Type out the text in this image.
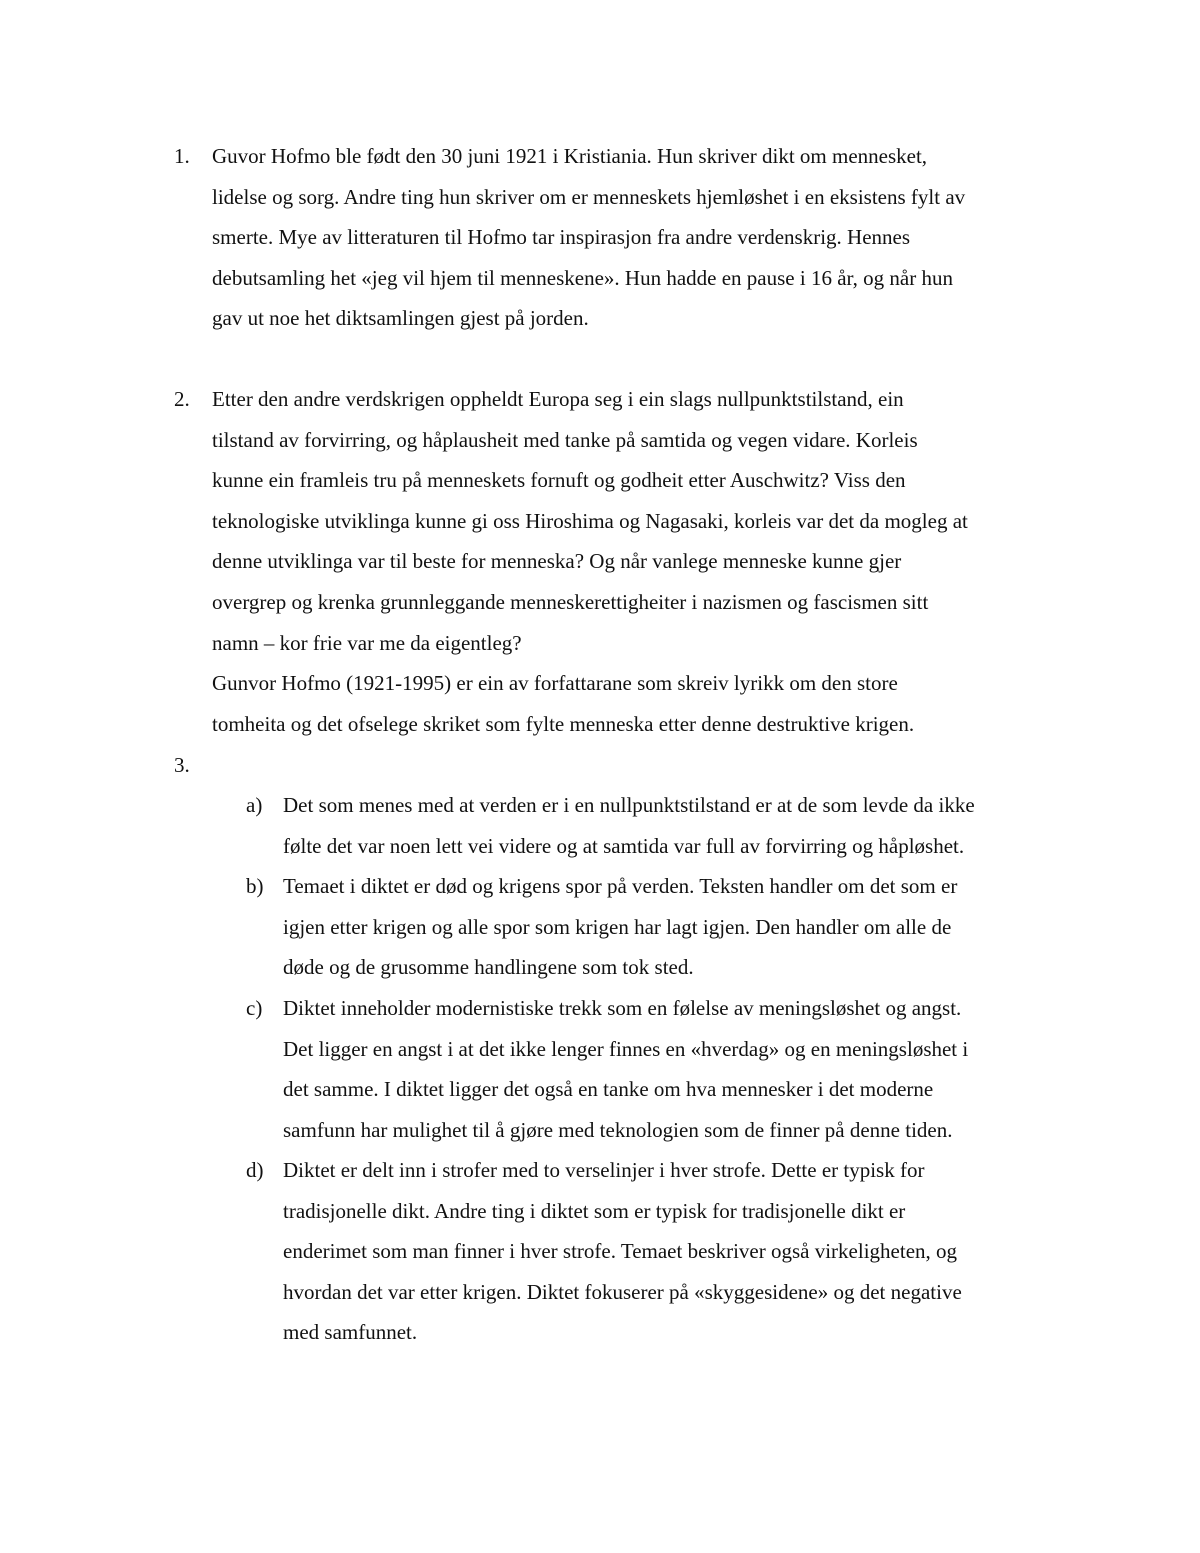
1. Guvor Hofmo ble født den 30 juni 1921 i Kristiania. Hun skriver dikt om mennesket,
lidelse og sorg. Andre ting hun skriver om er menneskets hjemløshet i en eksistens fylt av
smerte. Mye av litteraturen til Hofmo tar inspirasjon fra andre verdenskrig. Hennes
debutsamling het «jeg vil hjem til menneskene». Hun hadde en pause i 16 år, og når hun
gav ut noe het diktsamlingen gjest på jorden.
2. Etter den andre verdskrigen oppheldt Europa seg i ein slags nullpunktstilstand, ein
tilstand av forvirring, og håplausheit med tanke på samtida og vegen vidare. Korleis
kunne ein framleis tru på menneskets fornuft og godheit etter Auschwitz? Viss den
teknologiske utviklinga kunne gi oss Hiroshima og Nagasaki, korleis var det da mogleg at
denne utviklinga var til beste for menneska? Og når vanlege menneske kunne gjer
overgrep og krenka grunnleggande menneskerettigheiter i nazismen og fascismen sitt
namn – kor frie var me da eigentleg?
Gunvor Hofmo (1921-1995) er ein av forfattarane som skreiv lyrikk om den store
tomheita og det ofselege skriket som fylte menneska etter denne destruktive krigen.
3.
a) Det som menes med at verden er i en nullpunktstilstand er at de som levde da ikke
følte det var noen lett vei videre og at samtida var full av forvirring og håpløshet.
b) Temaet i diktet er død og krigens spor på verden. Teksten handler om det som er
igjen etter krigen og alle spor som krigen har lagt igjen. Den handler om alle de
døde og de grusomme handlingene som tok sted.
c) Diktet inneholder modernistiske trekk som en følelse av meningsløshet og angst.
Det ligger en angst i at det ikke lenger finnes en «hverdag» og en meningsløshet i
det samme. I diktet ligger det også en tanke om hva mennesker i det moderne
samfunn har mulighet til å gjøre med teknologien som de finner på denne tiden.
d) Diktet er delt inn i strofer med to verselinjer i hver strofe. Dette er typisk for
tradisjonelle dikt. Andre ting i diktet som er typisk for tradisjonelle dikt er
enderimet som man finner i hver strofe. Temaet beskriver også virkeligheten, og
hvordan det var etter krigen. Diktet fokuserer på «skyggesidene» og det negative
med samfunnet.
